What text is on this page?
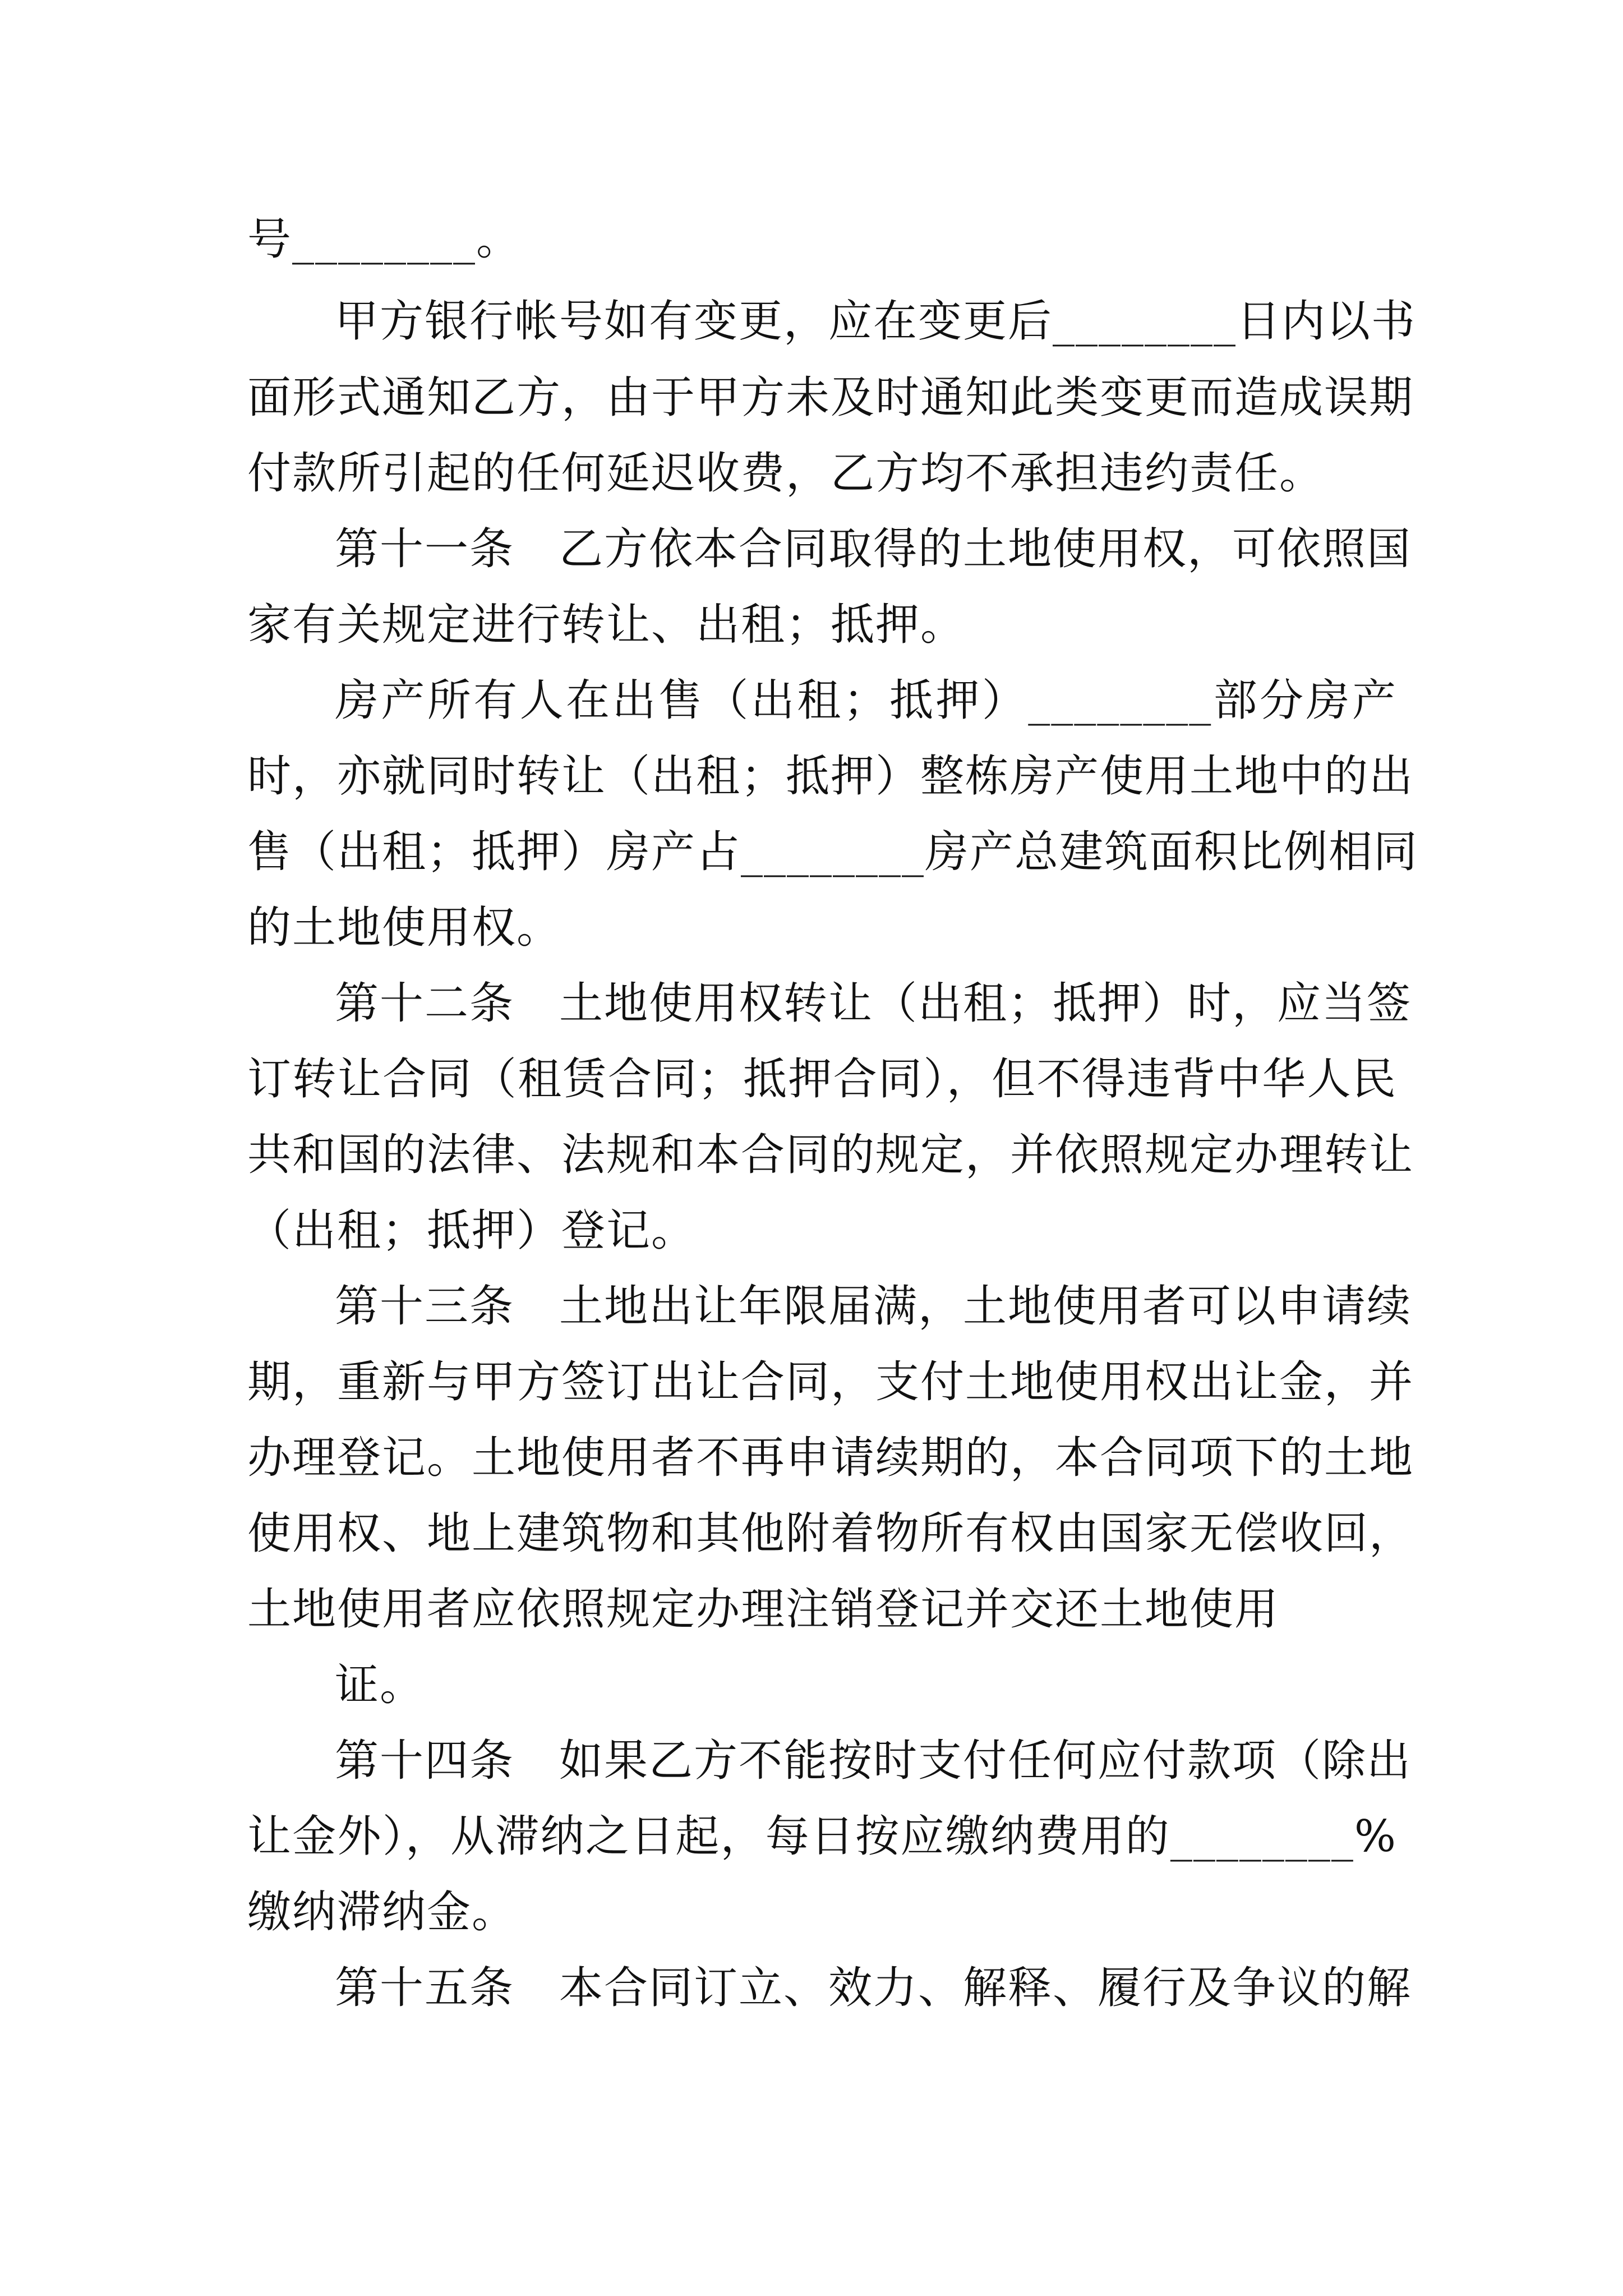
号________。
甲方银行帐号如有变更，应在变更后________日内以书
面形式通知乙方，由于甲方未及时通知此类变更而造成误期
付款所引起的任何延迟收费，乙方均不承担违约责任。
第十一条　乙方依本合同取得的土地使用权，可依照国
家有关规定进行转让、出租；抵押。
房产所有人在出售（出租；抵押）________部分房产
时，亦就同时转让（出租；抵押）整栋房产使用土地中的出
售（出租；抵押）房产占________房产总建筑面积比例相同
的土地使用权。
第十二条　土地使用权转让（出租；抵押）时，应当签
订转让合同（租赁合同；抵押合同），但不得违背中华人民
共和国的法律、法规和本合同的规定，并依照规定办理转让
（出租；抵押）登记。
第十三条　土地出让年限届满，土地使用者可以申请续
期，重新与甲方签订出让合同，支付土地使用权出让金，并
办理登记。土地使用者不再申请续期的，本合同项下的土地
使用权、地上建筑物和其他附着物所有权由国家无偿收回，
土地使用者应依照规定办理注销登记并交还土地使用
证。
第十四条　如果乙方不能按时支付任何应付款项（除出
让金外），从滞纳之日起，每日按应缴纳费用的________%
缴纳滞纳金。
第十五条　本合同订立、效力、解释、履行及争议的解
